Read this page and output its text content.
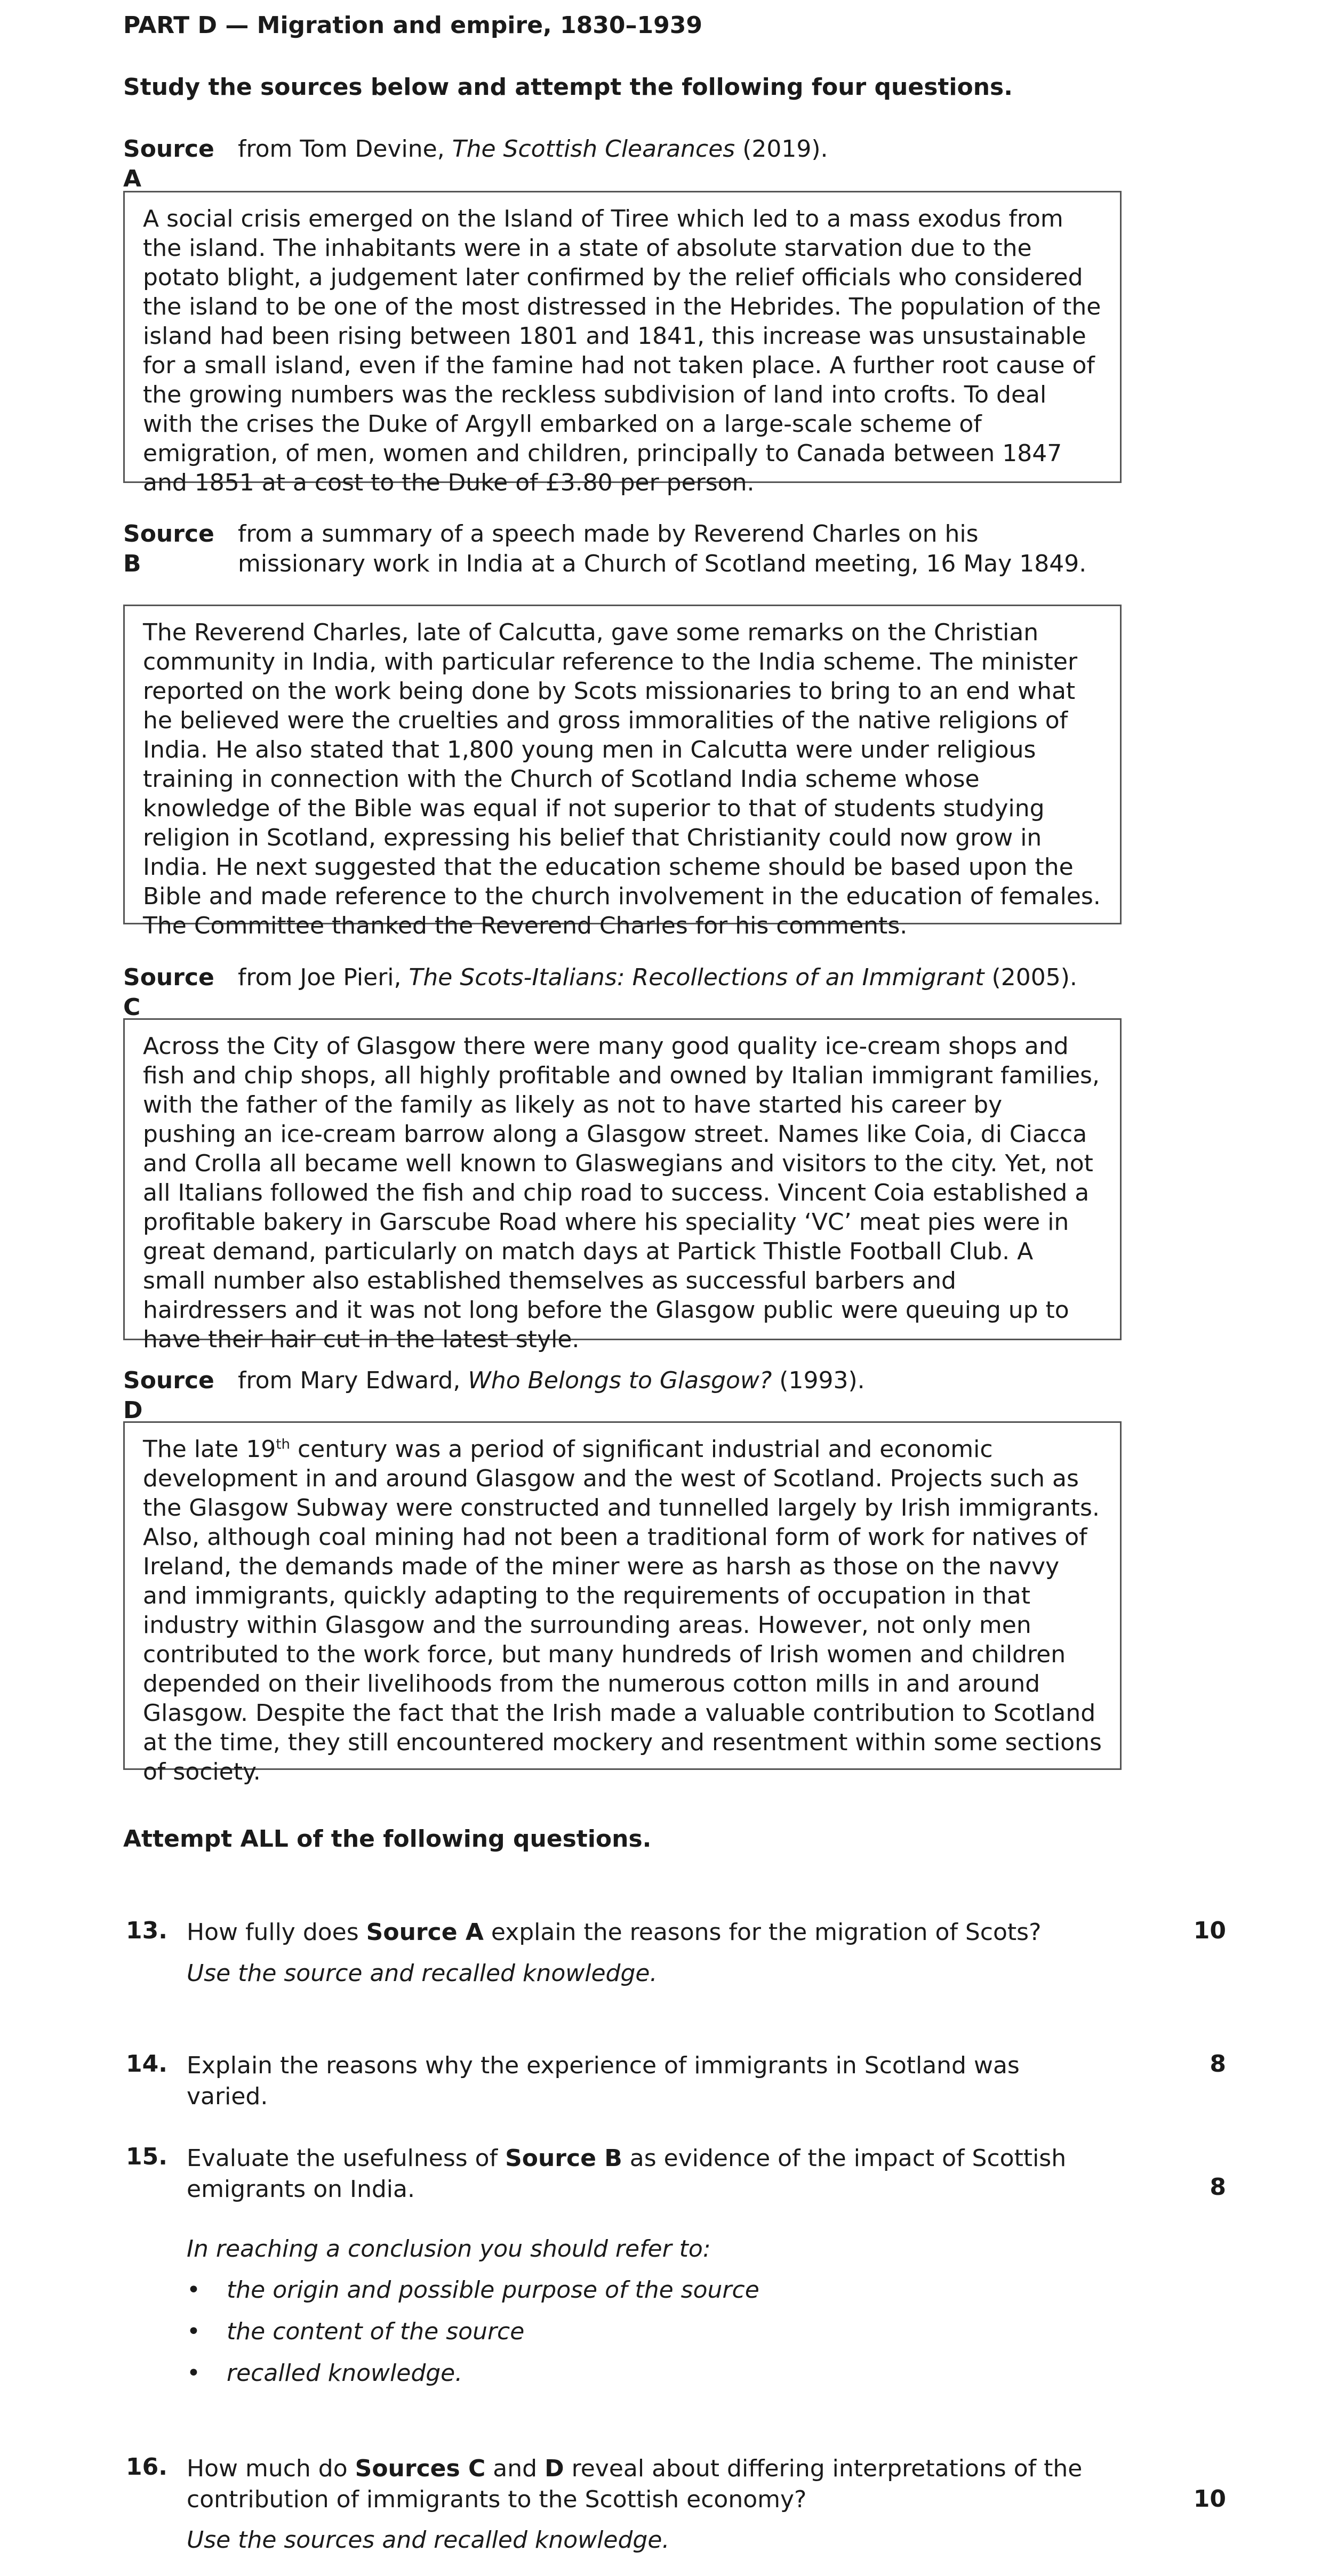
PART D — Migration and empire, 1830–1939
Study the sources below and attempt the following four questions.
Source Afrom Tom Devine, The Scottish Clearances (2019).
A social crisis emerged on the Island of Tiree which led to a mass exodus from the island. The inhabitants were in a state of absolute starvation due to the potato blight, a judgement later confirmed by the relief officials who considered the island to be one of the most distressed in the Hebrides. The population of the island had been rising between 1801 and 1841, this increase was unsustainable for a small island, even if the famine had not taken place. A further root cause of the growing numbers was the reckless subdivision of land into crofts. To deal with the crises the Duke of Argyll embarked on a large-scale scheme of emigration, of men, women and children, principally to Canada between 1847 and 1851 at a cost to the Duke of £3.80 per person.
Source Bfrom a summary of a speech made by Reverend Charles on his missionary work in India at a Church of Scotland meeting, 16 May 1849.
The Reverend Charles, late of Calcutta, gave some remarks on the Christian community in India, with particular reference to the India scheme. The minister reported on the work being done by Scots missionaries to bring to an end what he believed were the cruelties and gross immoralities of the native religions of India. He also stated that 1,800 young men in Calcutta were under religious training in connection with the Church of Scotland India scheme whose knowledge of the Bible was equal if not superior to that of students studying religion in Scotland, expressing his belief that Christianity could now grow in India. He next suggested that the education scheme should be based upon the Bible and made reference to the church involvement in the education of females. The Committee thanked the Reverend Charles for his comments.
Source Cfrom Joe Pieri, The Scots-Italians: Recollections of an Immigrant (2005).
Across the City of Glasgow there were many good quality ice-cream shops and fish and chip shops, all highly profitable and owned by Italian immigrant families, with the father of the family as likely as not to have started his career by pushing an ice-cream barrow along a Glasgow street. Names like Coia, di Ciacca and Crolla all became well known to Glaswegians and visitors to the city. Yet, not all Italians followed the fish and chip road to success. Vincent Coia established a profitable bakery in Garscube Road where his speciality ‘VC’ meat pies were in great demand, particularly on match days at Partick Thistle Football Club. A small number also established themselves as successful barbers and hairdressers and it was not long before the Glasgow public were queuing up to have their hair cut in the latest style.
Source Dfrom Mary Edward, Who Belongs to Glasgow? (1993).
The late 19th century was a period of significant industrial and economic development in and around Glasgow and the west of Scotland. Projects such as the Glasgow Subway were constructed and tunnelled largely by Irish immigrants. Also, although coal mining had not been a traditional form of work for natives of Ireland, the demands made of the miner were as harsh as those on the navvy and immigrants, quickly adapting to the requirements of occupation in that industry within Glasgow and the surrounding areas. However, not only men contributed to the work force, but many hundreds of Irish women and children depended on their livelihoods from the numerous cotton mills in and around Glasgow. Despite the fact that the Irish made a valuable contribution to Scotland at the time, they still encountered mockery and resentment within some sections of society.
Attempt ALL of the following questions.
13. How fully does Source A explain the reasons for the migration of Scots?
Use the source and recalled knowledge.
10
14. Explain the reasons why the experience of immigrants in Scotland was varied.
8
15. Evaluate the usefulness of Source B as evidence of the impact of Scottish emigrants on India.	8
In reaching a conclusion you should refer to:
• the origin and possible purpose of the source
• the content of the source
• recalled knowledge.
16. How much do Sources C and D reveal about differing interpretations of the contribution of immigrants to the Scottish economy?	10
Use the sources and recalled knowledge.
